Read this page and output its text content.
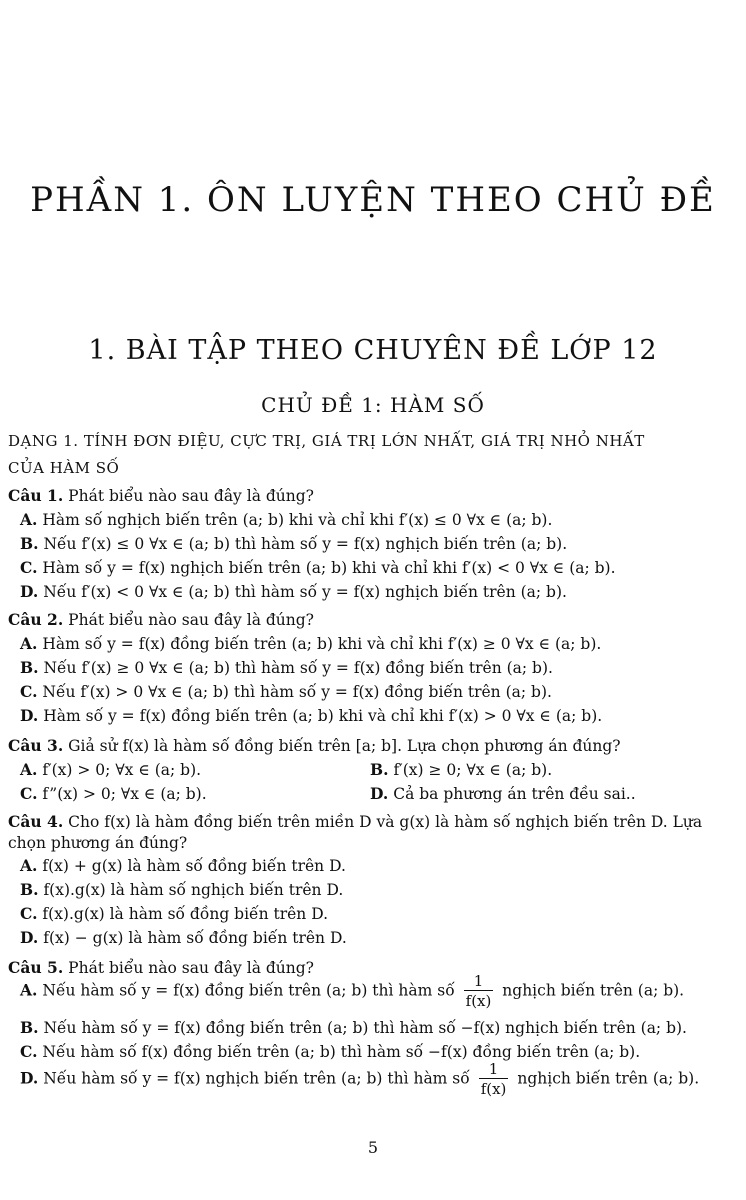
PHẦN 1. ÔN LUYỆN THEO CHỦ ĐỀ
1. BÀI TẬP THEO CHUYÊN ĐỀ LỚP 12
CHỦ ĐỀ 1: HÀM SỐ
DẠNG 1. TÍNH ĐƠN ĐIỆU, CỰC TRỊ, GIÁ TRỊ LỚN NHẤT, GIÁ TRỊ NHỎ NHẤT
CỦA HÀM SỐ
Câu 1. Phát biểu nào sau đây là đúng?
A. Hàm số nghịch biến trên (a; b) khi và chỉ khi f′(x) ≤ 0 ∀x ∈ (a; b).
B. Nếu f′(x) ≤ 0 ∀x ∈ (a; b) thì hàm số y = f(x) nghịch biến trên (a; b).
C. Hàm số y = f(x) nghịch biến trên (a; b) khi và chỉ khi f′(x) < 0 ∀x ∈ (a; b).
D. Nếu f′(x) < 0 ∀x ∈ (a; b) thì hàm số y = f(x) nghịch biến trên (a; b).
Câu 2. Phát biểu nào sau đây là đúng?
A. Hàm số y = f(x) đồng biến trên (a; b) khi và chỉ khi f′(x) ≥ 0 ∀x ∈ (a; b).
B. Nếu f′(x) ≥ 0 ∀x ∈ (a; b) thì hàm số y = f(x) đồng biến trên (a; b).
C. Nếu f′(x) > 0 ∀x ∈ (a; b) thì hàm số y = f(x) đồng biến trên (a; b).
D. Hàm số y = f(x) đồng biến trên (a; b) khi và chỉ khi f′(x) > 0 ∀x ∈ (a; b).
Câu 3. Giả sử f(x) là hàm số đồng biến trên [a; b]. Lựa chọn phương án đúng?
A. f′(x) > 0; ∀x ∈ (a; b).	B. f′(x) ≥ 0; ∀x ∈ (a; b).
C. f”(x) > 0; ∀x ∈ (a; b).	D. Cả ba phương án trên đều sai..
Câu 4. Cho f(x) là hàm đồng biến trên miền D và g(x) là hàm số nghịch biến trên D. Lựa
chọn phương án đúng?
A. f(x) + g(x) là hàm số đồng biến trên D.
B. f(x).g(x) là hàm số nghịch biến trên D.
C. f(x).g(x) là hàm số đồng biến trên D.
D. f(x) − g(x) là hàm số đồng biến trên D.
Câu 5. Phát biểu nào sau đây là đúng?
A. Nếu hàm số y = f(x) đồng biến trên (a; b) thì hàm số $\frac{1}{f(x)}$ nghịch biến trên (a; b).
B. Nếu hàm số y = f(x) đồng biến trên (a; b) thì hàm số −f(x) nghịch biến trên (a; b).
C. Nếu hàm số f(x) đồng biến trên (a; b) thì hàm số −f(x) đồng biến trên (a; b).
D. Nếu hàm số y = f(x) nghịch biến trên (a; b) thì hàm số $\frac{1}{f(x)}$ nghịch biến trên (a; b).
5
